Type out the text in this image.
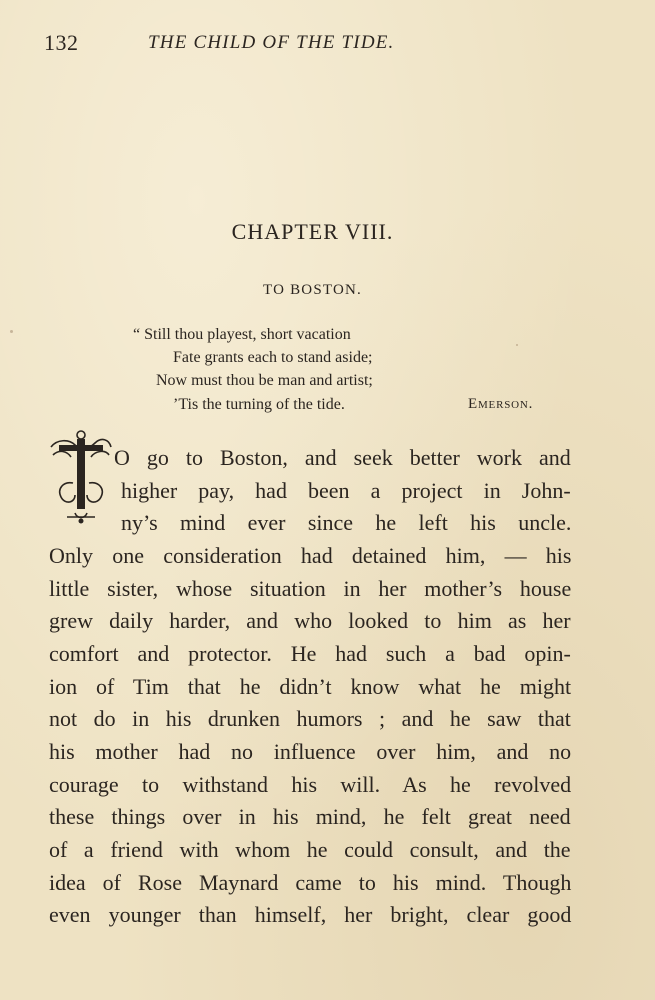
132	THE CHILD OF THE TIDE.
CHAPTER VIII.
TO BOSTON.
“ Still thou playest, short vacation
Fate grants each to stand aside;
Now must thou be man and artist;
’Tis the turning of the tide.	Emerson.
T
O go to Boston, and seek better work and
higher pay, had been a project in John-
ny’s mind ever since he left his uncle.
Only one consideration had detained him, — his
little sister, whose situation in her mother’s house
grew daily harder, and who looked to him as her
comfort and protector. He had such a bad opin-
ion of Tim that he didn’t know what he might
not do in his drunken humors ; and he saw that
his mother had no influence over him, and no
courage to withstand his will. As he revolved
these things over in his mind, he felt great need
of a friend with whom he could consult, and the
idea of Rose Maynard came to his mind. Though
even younger than himself, her bright, clear good
